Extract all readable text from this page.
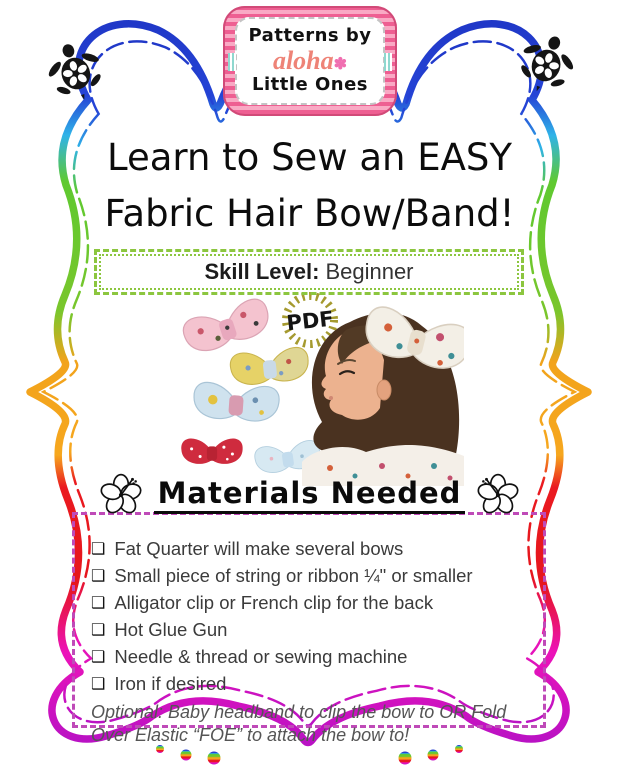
Patterns by
aloha✽
Little Ones
Learn to Sew an EASY
Fabric Hair Bow/Band!
Skill Level: Beginner
PDF
Materials Needed
❑ Fat Quarter will make several bows
❑ Small piece of string or ribbon ¼" or smaller
❑ Alligator clip or French clip for the back
❑ Hot Glue Gun
❑ Needle & thread or sewing machine
❑ Iron if desired
Optional: Baby headband to clip the bow to OR Fold Over Elastic “FOE” to attach the bow to!
